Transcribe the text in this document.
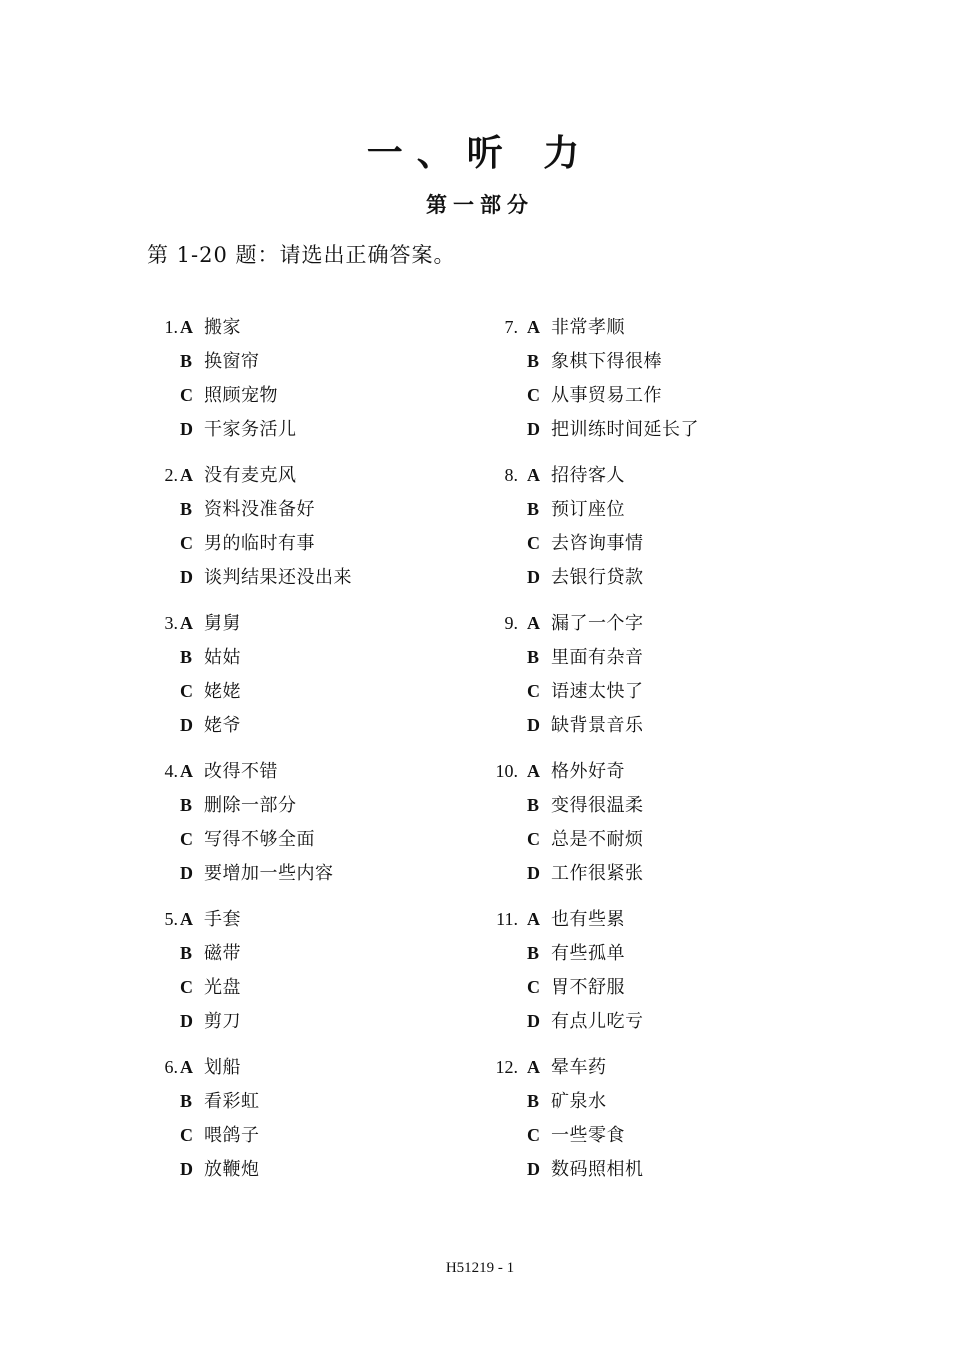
一、听 力
第一部分
第 1-20 题：请选出正确答案。
1. A 搬家
B 换窗帘
C 照顾宠物
D 干家务活儿
2. A 没有麦克风
B 资料没准备好
C 男的临时有事
D 谈判结果还没出来
3. A 舅舅
B 姑姑
C 姥姥
D 姥爷
4. A 改得不错
B 删除一部分
C 写得不够全面
D 要增加一些内容
5. A 手套
B 磁带
C 光盘
D 剪刀
6. A 划船
B 看彩虹
C 喂鸽子
D 放鞭炮
7. A 非常孝顺
B 象棋下得很棒
C 从事贸易工作
D 把训练时间延长了
8. A 招待客人
B 预订座位
C 去咨询事情
D 去银行贷款
9. A 漏了一个字
B 里面有杂音
C 语速太快了
D 缺背景音乐
10. A 格外好奇
B 变得很温柔
C 总是不耐烦
D 工作很紧张
11. A 也有些累
B 有些孤单
C 胃不舒服
D 有点儿吃亏
12. A 晕车药
B 矿泉水
C 一些零食
D 数码照相机
H51219 - 1
